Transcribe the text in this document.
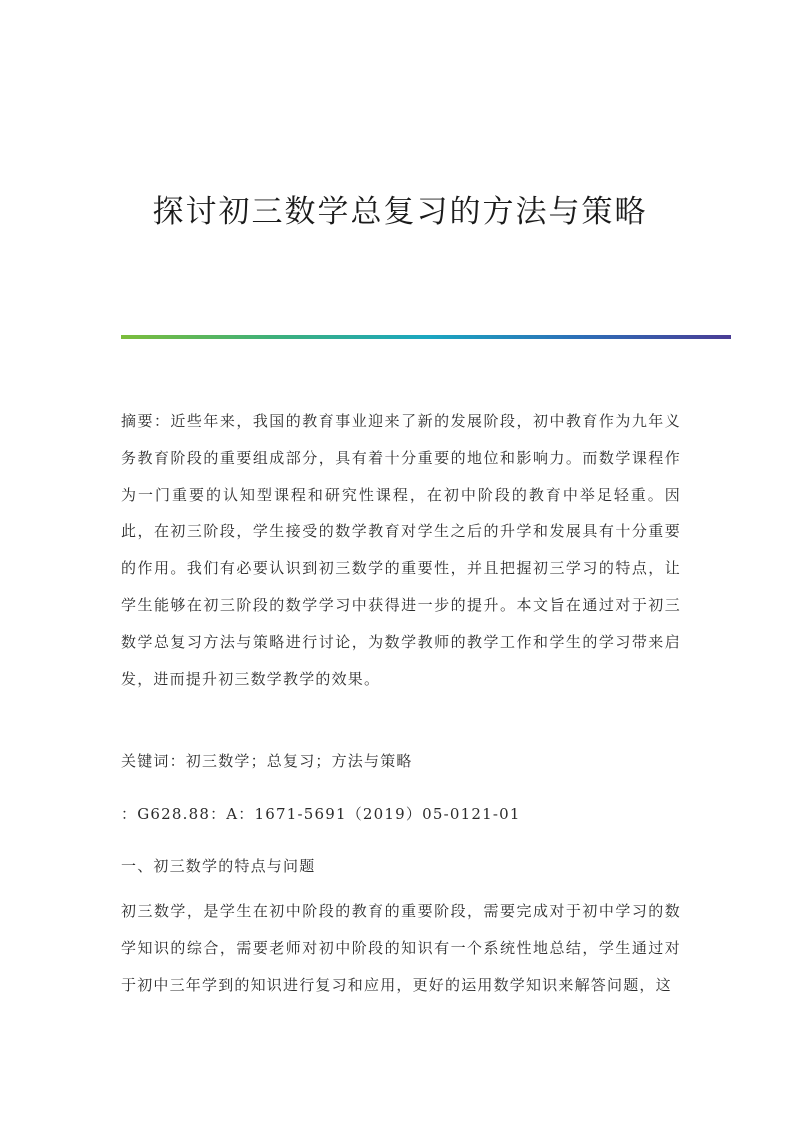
探讨初三数学总复习的方法与策略

摘要：近些年来，我国的教育事业迎来了新的发展阶段，初中教育作为九年义务教育阶段的重要组成部分，具有着十分重要的地位和影响力。而数学课程作为一门重要的认知型课程和研究性课程，在初中阶段的教育中举足轻重。因此，在初三阶段，学生接受的数学教育对学生之后的升学和发展具有十分重要的作用。我们有必要认识到初三数学的重要性，并且把握初三学习的特点，让学生能够在初三阶段的数学学习中获得进一步的提升。本文旨在通过对于初三数学总复习方法与策略进行讨论，为数学教师的教学工作和学生的学习带来启发，进而提升初三数学教学的效果。

关键词：初三数学；总复习；方法与策略

：G628.88：A：1671-5691（2019）05-0121-01

一、初三数学的特点与问题

初三数学，是学生在初中阶段的教育的重要阶段，需要完成对于初中学习的数学知识的综合，需要老师对初中阶段的知识有一个系统性地总结，学生通过对于初中三年学到的知识进行复习和应用，更好的运用数学知识来解答问题，这
